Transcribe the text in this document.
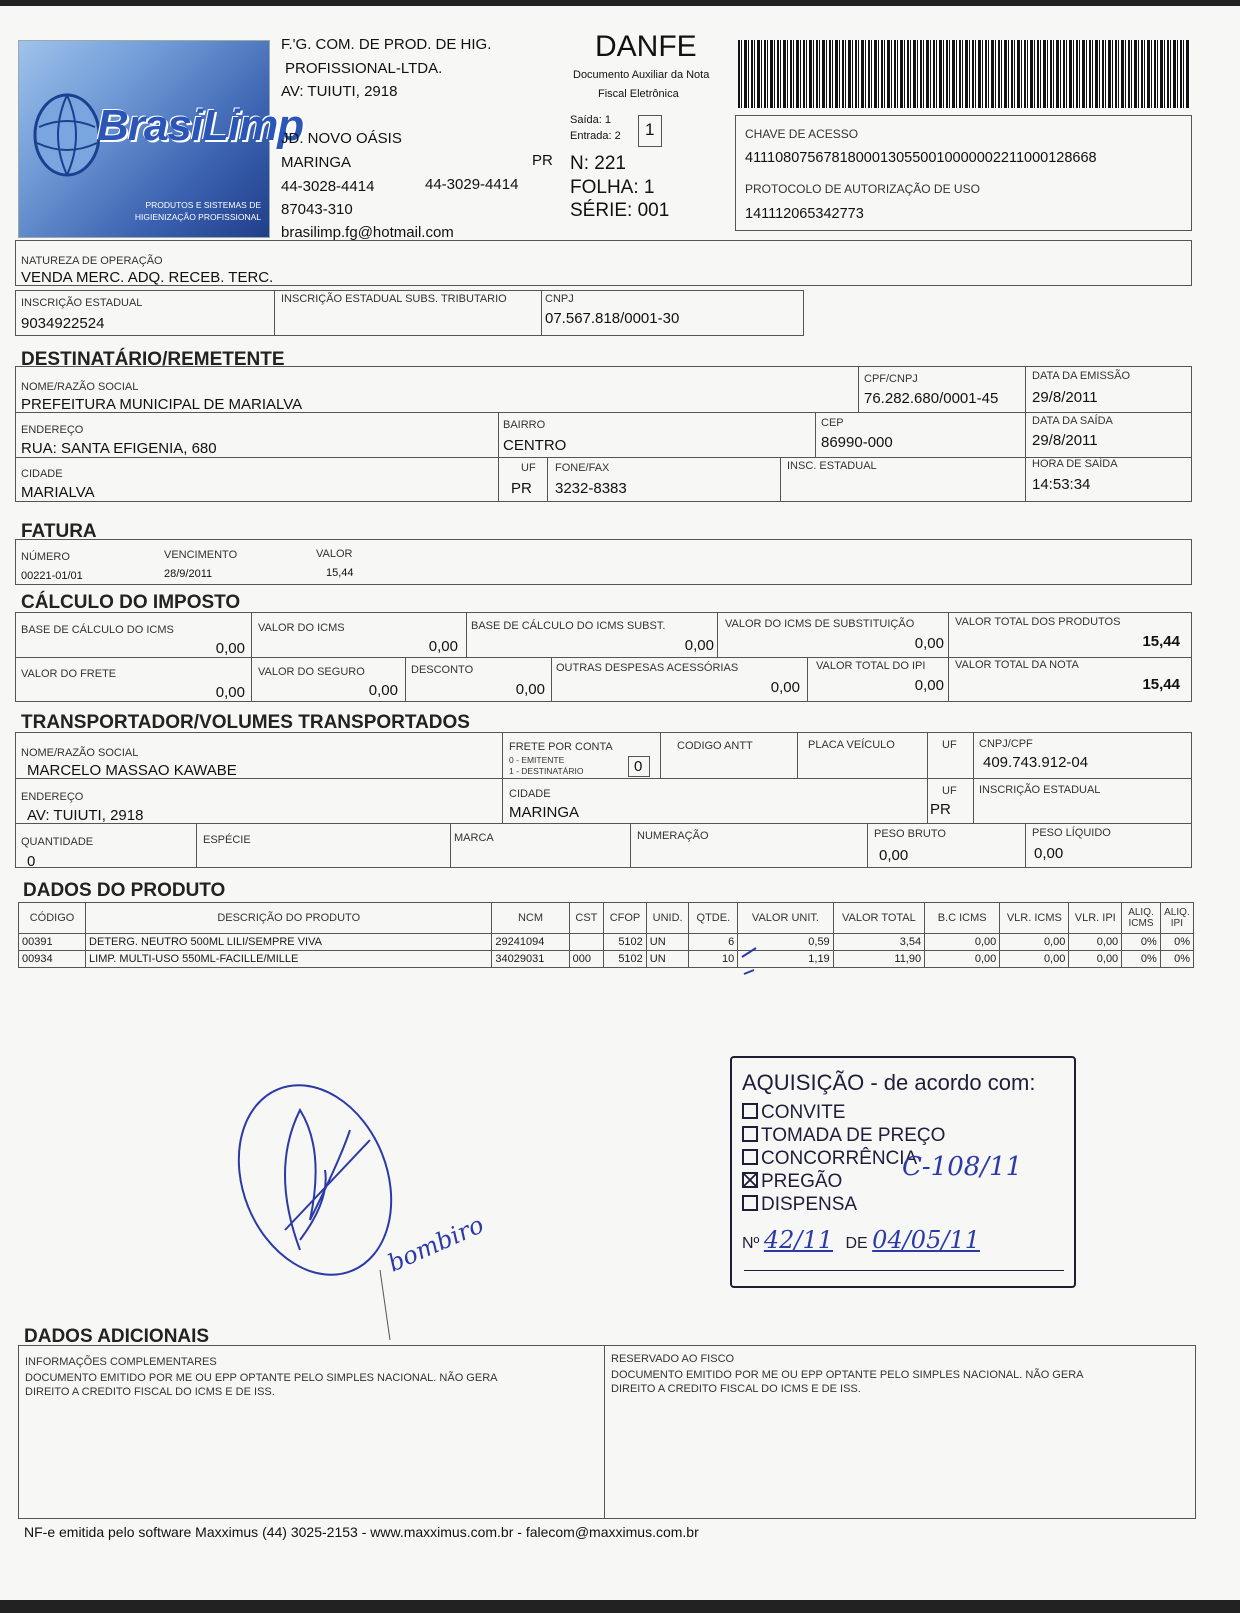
BrasiLimp
PRODUTOS E SISTEMAS DE HIGIENIZAÇÃO PROFISSIONAL
F.'G. COM. DE PROD. DE HIG.
PROFISSIONAL-LTDA.
AV: TUIUTI, 2918
JD. NOVO OÁSIS
MARINGA	PR
44-3028-4414	44-3029-4414
87043-310
brasilimp.fg@hotmail.com
DANFE
Documento Auxiliar da Nota
Fiscal Eletrônica
Saída: 1
Entrada: 2 1
N: 221
FOLHA: 1
SÉRIE: 001
CHAVE DE ACESSO
41110807567818000130550010000002211000128668
PROTOCOLO DE AUTORIZAÇÃO DE USO
141112065342773
NATUREZA DE OPERAÇÃO
VENDA MERC. ADQ. RECEB. TERC.
INSCRIÇÃO ESTADUAL
9034922524
INSCRIÇÃO ESTADUAL SUBS. TRIBUTARIO	CNPJ
07.567.818/0001-30
DESTINATÁRIO/REMETENTE
NOME/RAZÃO SOCIAL
PREFEITURA MUNICIPAL DE MARIALVA
CPF/CNPJ
76.282.680/0001-45
DATA DA EMISSÃO
29/8/2011
ENDEREÇO
RUA: SANTA EFIGENIA, 680
BAIRRO
CENTRO
CEP
86990-000
DATA DA SAÍDA
29/8/2011
CIDADE
MARIALVA
UF
PR
FONE/FAX
3232-8383
INSC. ESTADUAL	HORA DE SAÍDA
14:53:34
FATURA
NÚMERO
00221-01/01
VENCIMENTO
28/9/2011
VALOR
15,44
CÁLCULO DO IMPOSTO
BASE DE CÁLCULO DO ICMS
0,00
VALOR DO ICMS
0,00
BASE DE CÁLCULO DO ICMS SUBST.
0,00
VALOR DO ICMS DE SUBSTITUIÇÃO
0,00
VALOR TOTAL DOS PRODUTOS
15,44
VALOR DO FRETE
0,00
VALOR DO SEGURO
0,00
DESCONTO
0,00
OUTRAS DESPESAS ACESSÓRIAS
0,00
VALOR TOTAL DO IPI
0,00
VALOR TOTAL DA NOTA
15,44
TRANSPORTADOR/VOLUMES TRANSPORTADOS
NOME/RAZÃO SOCIAL
MARCELO MASSAO KAWABE
FRETE POR CONTA
0 - EMITENTE
1 - DESTINATÁRIO	0
CODIGO ANTT	PLACA VEÍCULO	UF CNPJ/CPF
409.743.912-04
ENDEREÇO
AV: TUIUTI, 2918
CIDADE
MARINGA
UF
PR
INSCRIÇÃO ESTADUAL
QUANTIDADE
0
ESPÉCIE	MARCA	NUMERAÇÃO	PESO BRUTO
0,00
PESO LÍQUIDO
0,00
DADOS DO PRODUTO
CÓDIGO	DESCRIÇÃO DO PRODUTO	NCM	CST	CFOP	UNID.	QTDE.	VALOR UNIT.	VALOR TOTAL	B.C ICMS	VLR. ICMS	VLR. IPI	ALIQ. ICMS	ALIQ. IPI
00391	DETERG. NEUTRO 500ML LILI/SEMPRE VIVA	29241094		5102	UN	6	0,59	3,54	0,00	0,00	0,00	0%	0%
00934	LIMP. MULTI-USO 550ML-FACILLE/MILLE	34029031	000	5102	UN	10	1,19	11,90	0,00	0,00	0,00	0%	0%
bombiro
AQUISIÇÃO - de acordo com:
CONVITE
TOMADA DE PREÇO
CONCORRÊNCIA
PREGÃO
DISPENSA
C-108/11
Nº 42/11 DE 04/05/11
DADOS ADICIONAIS
INFORMAÇÕES COMPLEMENTARES
DOCUMENTO EMITIDO POR ME OU EPP OPTANTE PELO SIMPLES NACIONAL. NÃO GERA
DIREITO A CREDITO FISCAL DO ICMS E DE ISS.
RESERVADO AO FISCO
DOCUMENTO EMITIDO POR ME OU EPP OPTANTE PELO SIMPLES NACIONAL. NÃO GERA
DIREITO A CREDITO FISCAL DO ICMS E DE ISS.
NF-e emitida pelo software Maxximus (44) 3025-2153 - www.maxximus.com.br - falecom@maxximus.com.br
